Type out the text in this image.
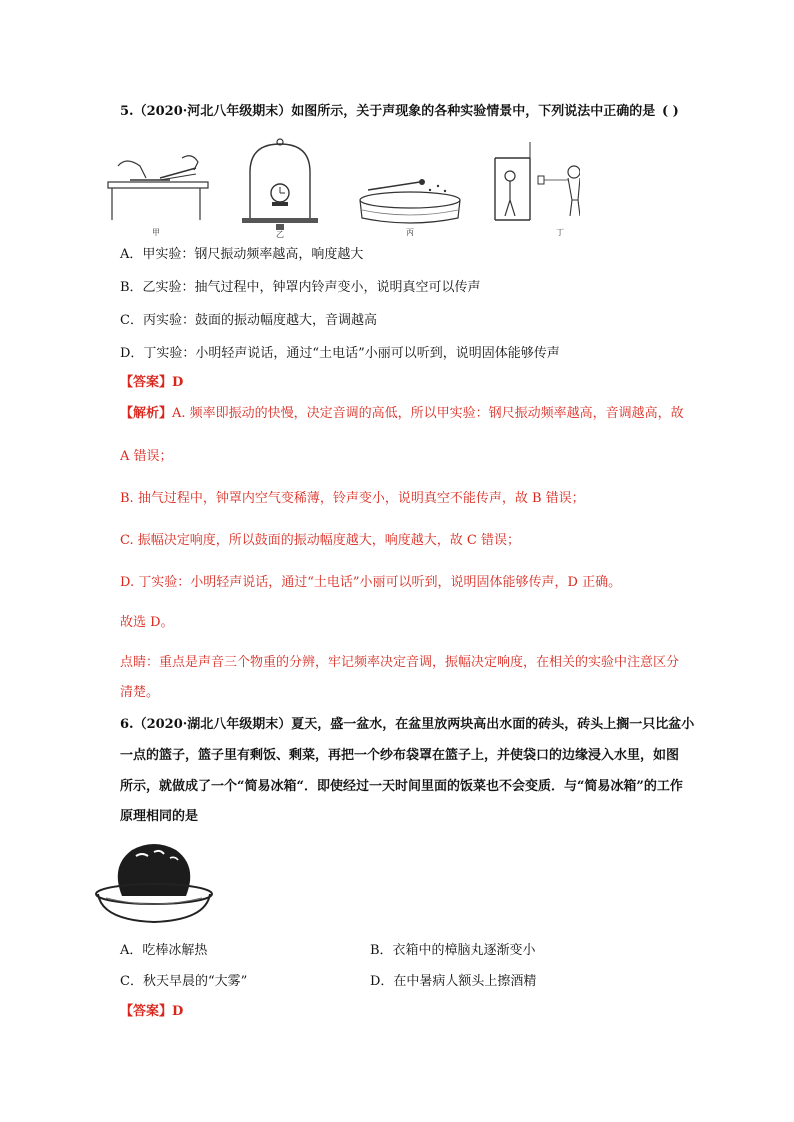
5.（2020·河北八年级期末）如图所示，关于声现象的各种实验情景中，下列说法中正确的是 ( )
甲	乙	丙	丁
A．甲实验：钢尺振动频率越高，响度越大
B．乙实验：抽气过程中，钟罩内铃声变小，说明真空可以传声
C．丙实验：鼓面的振动幅度越大，音调越高
D．丁实验：小明轻声说话，通过“土电话”小丽可以听到，说明固体能够传声
【答案】D
【解析】A. 频率即振动的快慢，决定音调的高低，所以甲实验：钢尺振动频率越高，音调越高，故
A 错误；
B. 抽气过程中，钟罩内空气变稀薄，铃声变小，说明真空不能传声，故 B 错误；
C. 振幅决定响度，所以鼓面的振动幅度越大，响度越大，故 C 错误；
D. 丁实验：小明轻声说话，通过“土电话”小丽可以听到，说明固体能够传声，D 正确。
故选 D。
点睛：重点是声音三个物重的分辨，牢记频率决定音调，振幅决定响度，在相关的实验中注意区分
清楚。
6.（2020·湖北八年级期末）夏天，盛一盆水，在盆里放两块高出水面的砖头，砖头上搁一只比盆小
一点的篮子，篮子里有剩饭、剩菜，再把一个纱布袋罩在篮子上，并使袋口的边缘浸入水里，如图
所示，就做成了一个“简易冰箱“．即使经过一天时间里面的饭菜也不会变质．与“简易冰箱”的工作
原理相同的是
A．吃棒冰解热	B．衣箱中的樟脑丸逐渐变小
C．秋天早晨的“大雾”	D．在中暑病人额头上擦酒精
【答案】D
